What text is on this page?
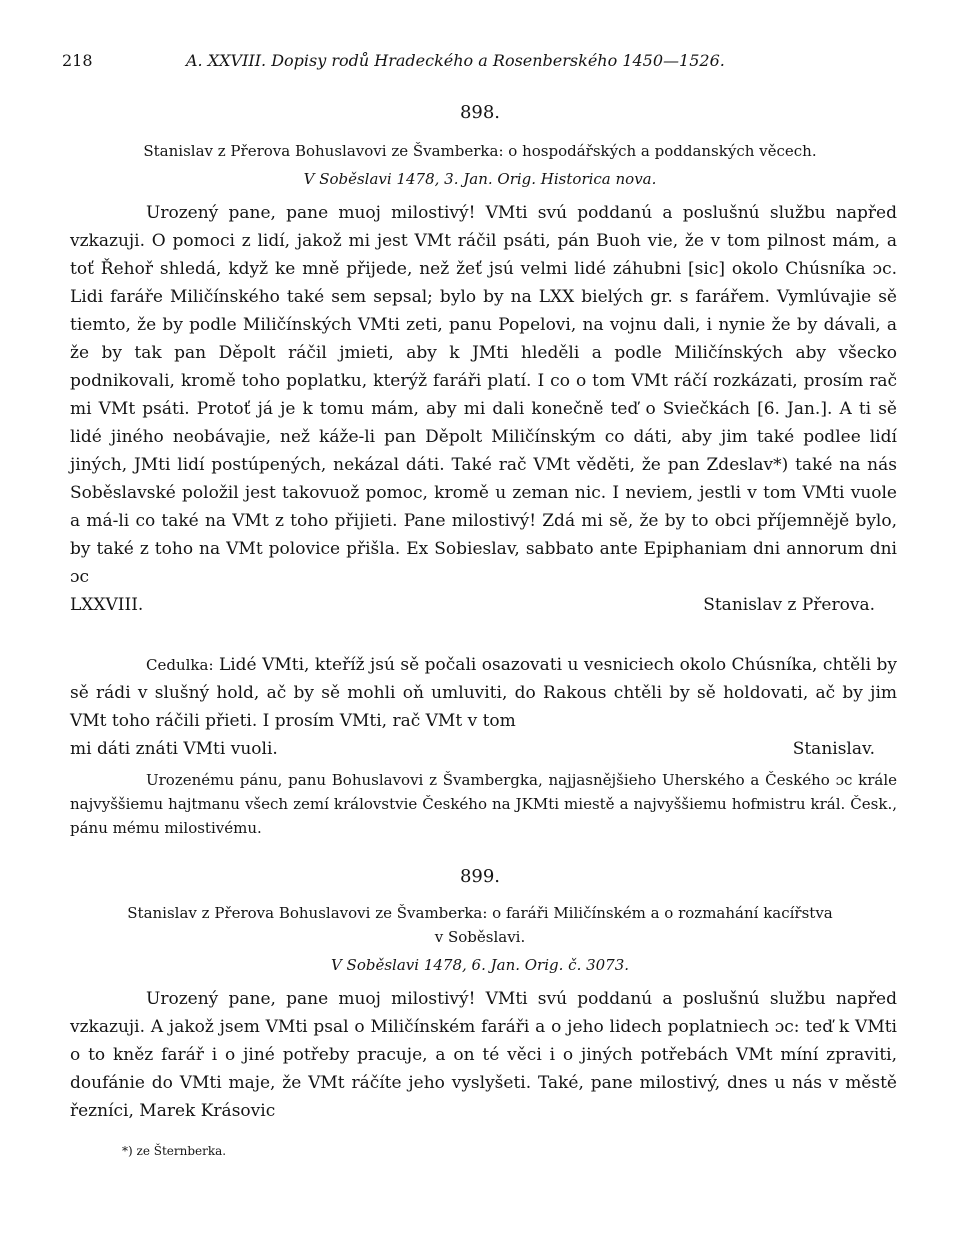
218	A. XXVIII. Dopisy rodů Hradeckého a Rosenberského 1450—1526.
898.
Stanislav z Přerova Bohuslavovi ze Švamberka: o hospodářských a poddanských věcech.
V Soběslavi 1478, 3. Jan. Orig. Historica nova.
Urozený pane, pane muoj milostivý! VMti svú poddanú a poslušnú službu napřed vzkazuji. O pomoci z lidí, jakož mi jest VMt ráčil psáti, pán Buoh vie, že v tom pilnost mám, a toť Řehoř shledá, když ke mně přijede, než žeť jsú velmi lidé záhubni [sic] okolo Chúsníka ɔc. Lidi faráře Miličínského také sem sepsal; bylo by na LXX bielých gr. s farářem. Vymlúvajie sě tiemto, že by podle Miličínských VMti zeti, panu Popelovi, na vojnu dali, i nynie že by dávali, a že by tak pan Děpolt ráčil jmieti, aby k JMti hleděli a podle Miličínských aby všecko podnikovali, kromě toho poplatku, kterýž faráři platí. I co o tom VMt ráčí rozkázati, prosím rač mi VMt psáti. Protoť já je k tomu mám, aby mi dali konečně teď o Sviečkách [6. Jan.]. A ti sě lidé jiného neobávajie, než káže-li pan Děpolt Miličínským co dáti, aby jim také podlee lidí jiných, JMti lidí postúpených, nekázal dáti. Také rač VMt věděti, že pan Zdeslav*) také na nás Soběslavské položil jest takovuož pomoc, kromě u zeman nic. I neviem, jestli v tom VMti vuole a má-li co také na VMt z toho přijieti. Pane milostivý! Zdá mi sě, že by to obci příjemnějě bylo, by také z toho na VMt polovice přišla. Ex Sobieslav, sabbato ante Epiphaniam dni annorum dni ɔc
LXXVIII.	Stanislav z Přerova.
Cedulka: Lidé VMti, kteříž jsú sě počali osazovati u vesniciech okolo Chúsníka, chtěli by sě rádi v slušný hold, ač by sě mohli oň umluviti, do Rakous chtěli by sě holdovati, ač by jim VMt toho ráčili přieti. I prosím VMti, rač VMt v tom
mi dáti znáti VMti vuoli.	Stanislav.
Urozenému pánu, panu Bohuslavovi z Švambergka, najjasnějšieho Uherského a Českého ɔc krále najvyššiemu hajtmanu všech zemí královstvie Českého na JKMti miestě a najvyššiemu hofmistru král. Česk., pánu mému milostivému.
899.
Stanislav z Přerova Bohuslavovi ze Švamberka: o faráři Miličínském a o rozmahání kacířstva
v Soběslavi.
V Soběslavi 1478, 6. Jan. Orig. č. 3073.
Urozený pane, pane muoj milostivý! VMti svú poddanú a poslušnú službu napřed vzkazuji. A jakož jsem VMti psal o Miličínském faráři a o jeho lidech poplatniech ɔc: teď k VMti o to kněz farář i o jiné potřeby pracuje, a on té věci i o jiných potřebách VMt míní zpraviti, doufánie do VMti maje, že VMt ráčíte jeho vyslyšeti. Také, pane milostivý, dnes u nás v městě řezníci, Marek Krásovic
*) ze Šternberka.
